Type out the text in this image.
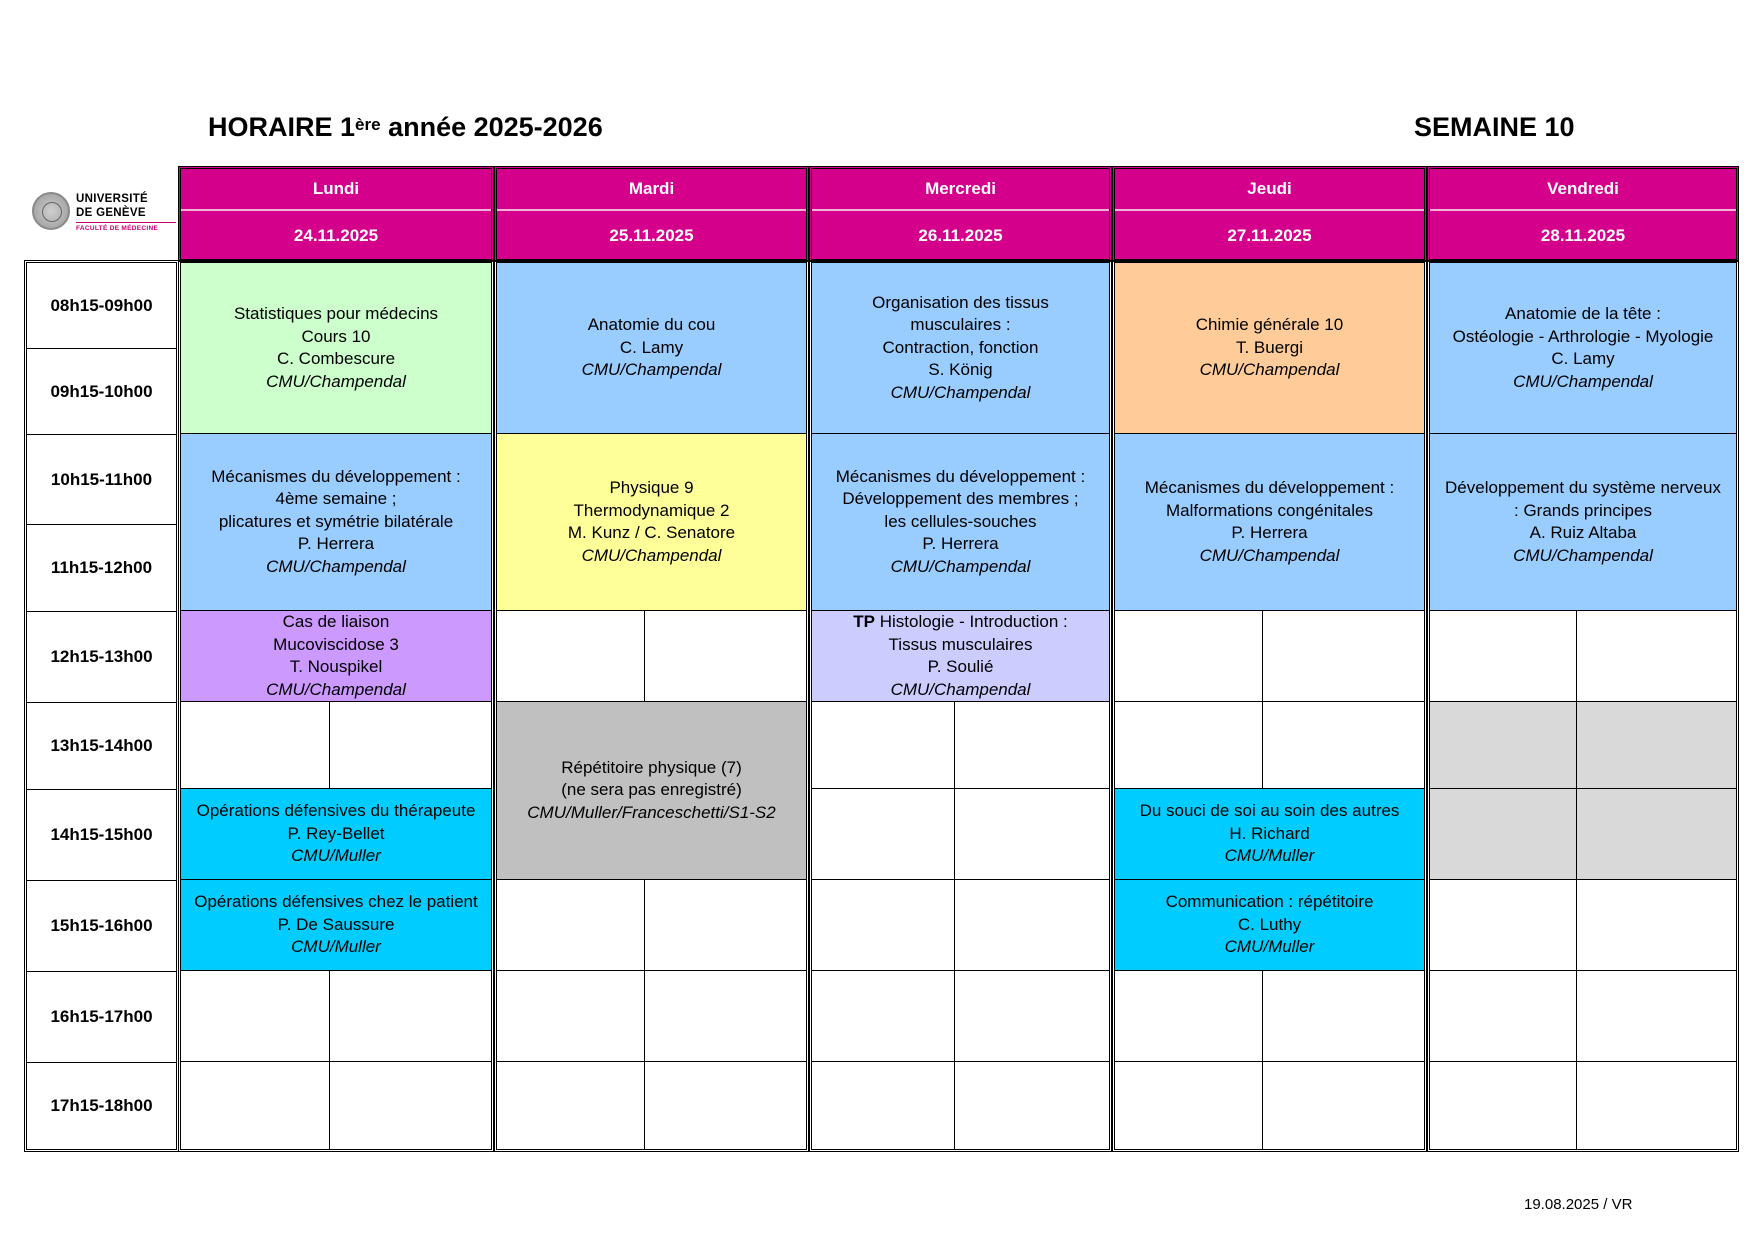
HORAIRE 1ère année 2025-2026	SEMAINE 10
UNIVERSITÉ
DE GENÈVE
FACULTÉ DE MÉDECINE
Lundi
24.11.2025
Mardi
25.11.2025
Mercredi
26.11.2025
Jeudi
27.11.2025
Vendredi
28.11.2025
08h15-09h00
09h15-10h00
10h15-11h00
11h15-12h00
12h15-13h00
13h15-14h00
14h15-15h00
15h15-16h00
16h15-17h00
17h15-18h00
Statistiques pour médecins
Cours 10
C. Combescure
CMU/Champendal
Mécanismes du développement :
4ème semaine ;
plicatures et symétrie bilatérale
P. Herrera
CMU/Champendal
Cas de liaison
Mucoviscidose 3
T. Nouspikel
CMU/Champendal
Opérations défensives du thérapeute
P. Rey-Bellet
CMU/Muller
Opérations défensives chez le patient
P. De Saussure
CMU/Muller
Anatomie du cou
C. Lamy
CMU/Champendal
Physique 9
Thermodynamique 2
M. Kunz / C. Senatore
CMU/Champendal
Répétitoire physique (7)
(ne sera pas enregistré)
CMU/Muller/Franceschetti/S1-S2
Organisation des tissus
musculaires :
Contraction, fonction
S. König
CMU/Champendal
Mécanismes du développement :
Développement des membres ;
les cellules-souches
P. Herrera
CMU/Champendal
TP Histologie - Introduction :
Tissus musculaires
P. Soulié
CMU/Champendal
Chimie générale 10
T. Buergi
CMU/Champendal
Mécanismes du développement :
Malformations congénitales
P. Herrera
CMU/Champendal
Du souci de soi au soin des autres
H. Richard
CMU/Muller
Communication : répétitoire
C. Luthy
CMU/Muller
Anatomie de la tête :
Ostéologie - Arthrologie - Myologie
C. Lamy
CMU/Champendal
Développement du système nerveux
: Grands principes
A. Ruiz Altaba
CMU/Champendal
19.08.2025 / VR
